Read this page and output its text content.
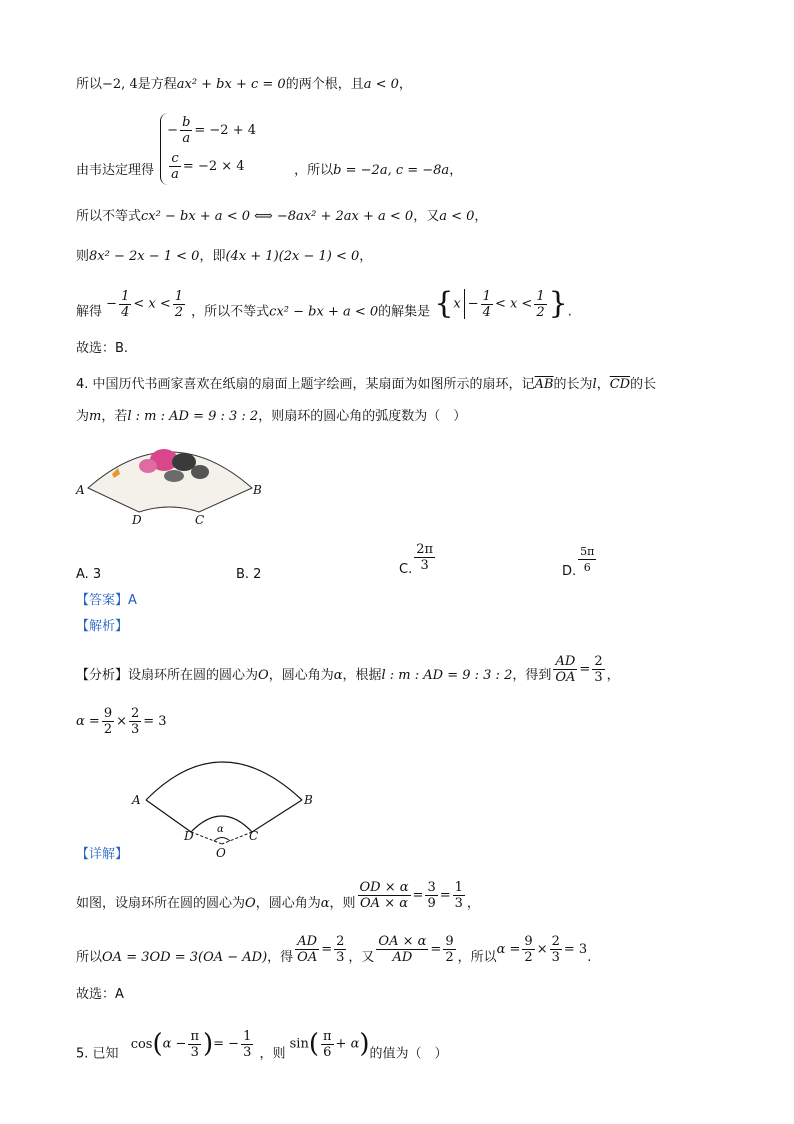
所以−2, 4是方程ax² + bx + c = 0的两个根，且a < 0，
由韦达定理得
− $\frac{b}{a} = -2 + 4$
$\frac{c}{a} = -2 \times 4$	，所以b = −2a, c = −8a，
所以不等式cx² − bx + a < 0 ⟺ −8ax² + 2ax + a < 0，又a < 0，
则8x² − 2x − 1 < 0，即(4x + 1)(2x − 1) < 0，
解得 − $\frac{1}{4} < x < \frac{1}{2}$ ，所以不等式cx² − bx + a < 0的解集是 {$x - \frac{1}{4} < x < \frac{1}{2}$ }.
故选：B.
4. 中国历代书画家喜欢在纸扇的扇面上题字绘画，某扇面为如图所示的扇环，记$\overline{AB}$的长为l，$\overline{CD}$的长
为m，若l : m : AD = 9 : 3 : 2，则扇环的圆心角的弧度数为（　）
A	B
D	C
A. 3	B. 2	C. $\frac{2\pi}{3}$	D. $\frac{5\pi}{6}$
【答案】A
【解析】
【分析】设扇环所在圆的圆心为O，圆心角为α，根据l : m : AD = 9 : 3 : 2，得到 $\frac{AD}{OA} = \frac{2}{3}$ ，
$\alpha = \frac{9}{2} \times \frac{2}{3} = 3$
A	B
D	C
O
α
【详解】
如图，设扇环所在圆的圆心为O，圆心角为α，则 $\frac{OD \times \alpha}{OA \times \alpha} = \frac{3}{9} = \frac{1}{3}$ ，
所以OA = 3OD = 3(OA − AD)，得 $\frac{AD}{OA} = \frac{2}{3}$ ，又 $\frac{OA \times \alpha}{AD} = \frac{9}{2}$ ，所以$\alpha = \frac{9}{2} \times \frac{2}{3} = 3$.
故选：A
5. 已知 $\cos(\alpha - \frac{\pi}{3}$ )= − $\frac{1}{3}$ ，则 $\sin( \frac{\pi}{6} + \alpha)$的值为（　）
